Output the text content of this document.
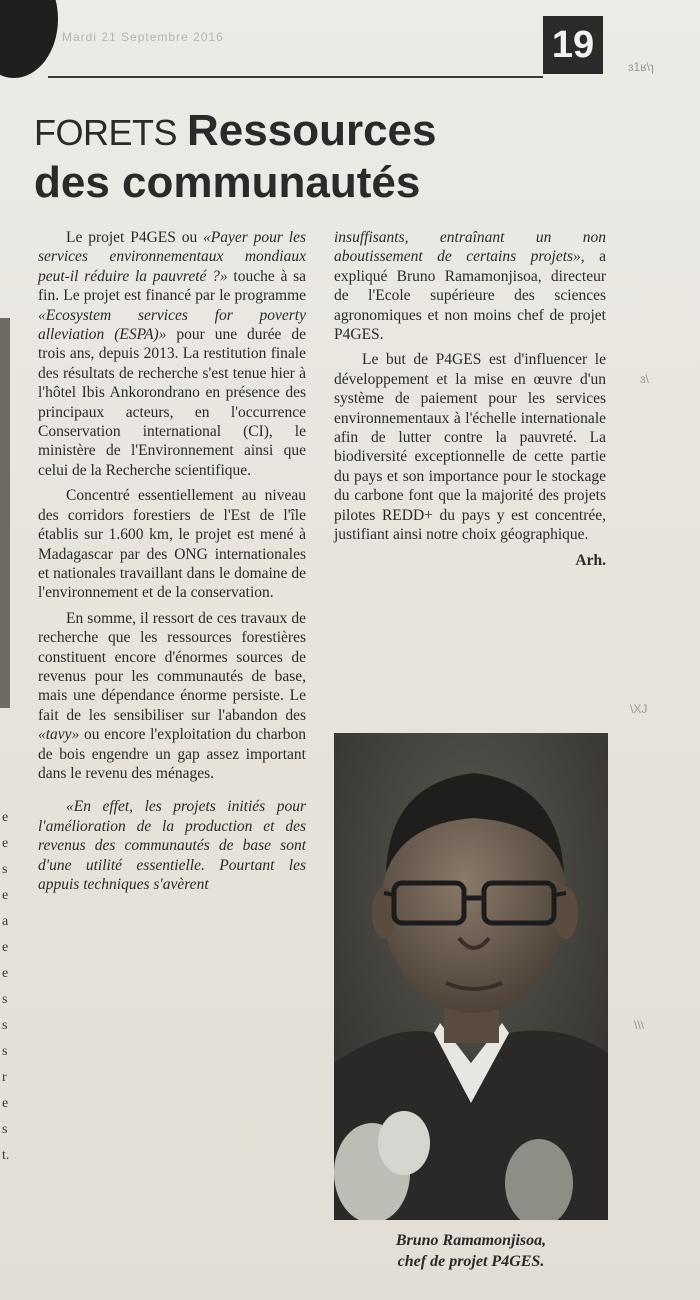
Mardi 21 Septembre 2016	19
FORETS Ressources
des communautés

Le projet P4GES ou «Payer pour les services environnementaux mondiaux peut-il réduire la pauvreté ?» touche à sa fin. Le projet est financé par le programme «Ecosystem services for poverty alleviation (ESPA)» pour une durée de trois ans, depuis 2013. La restitution finale des résultats de recherche s'est tenue hier à l'hôtel Ibis Ankorondrano en présence des principaux acteurs, en l'occurrence Conservation international (CI), le ministère de l'Environnement ainsi que celui de la Recherche scientifique.

Concentré essentiellement au niveau des corridors forestiers de l'Est de l'île établis sur 1.600 km, le projet est mené à Madagascar par des ONG internationales et nationales travaillant dans le domaine de l'environnement et de la conservation.

En somme, il ressort de ces travaux de recherche que les ressources forestières constituent encore d'énormes sources de revenus pour les communautés de base, mais une dépendance énorme persiste. Le fait de les sensibiliser sur l'abandon des «tavy» ou encore l'exploitation du charbon de bois engendre un gap assez important dans le revenu des ménages.

«En effet, les projets initiés pour l'amélioration de la production et des revenus des communautés de base sont d'une utilité essentielle. Pourtant les appuis techniques s'avèrent

insuffisants, entraînant un non aboutissement de certains projets», a expliqué Bruno Ramamonjisoa, directeur de l'Ecole supérieure des sciences agronomiques et non moins chef de projet P4GES.

Le but de P4GES est d'influencer le développement et la mise en œuvre d'un système de paiement pour les services environnementaux à l'échelle internationale afin de lutter contre la pauvreté. La biodiversité exceptionnelle de cette partie du pays et son importance pour le stockage du carbone font que la majorité des projets pilotes REDD+ du pays y est concentrée, justifiant ainsi notre choix géographique.

Arh.
Bruno Ramamonjisoa,
chef de projet P4GES.
e
e
s
e
a
e
e
s
s
s
r
e
s
t.
ɜ1ʁ\ɿ
ɜ\
\XJ
\\\
